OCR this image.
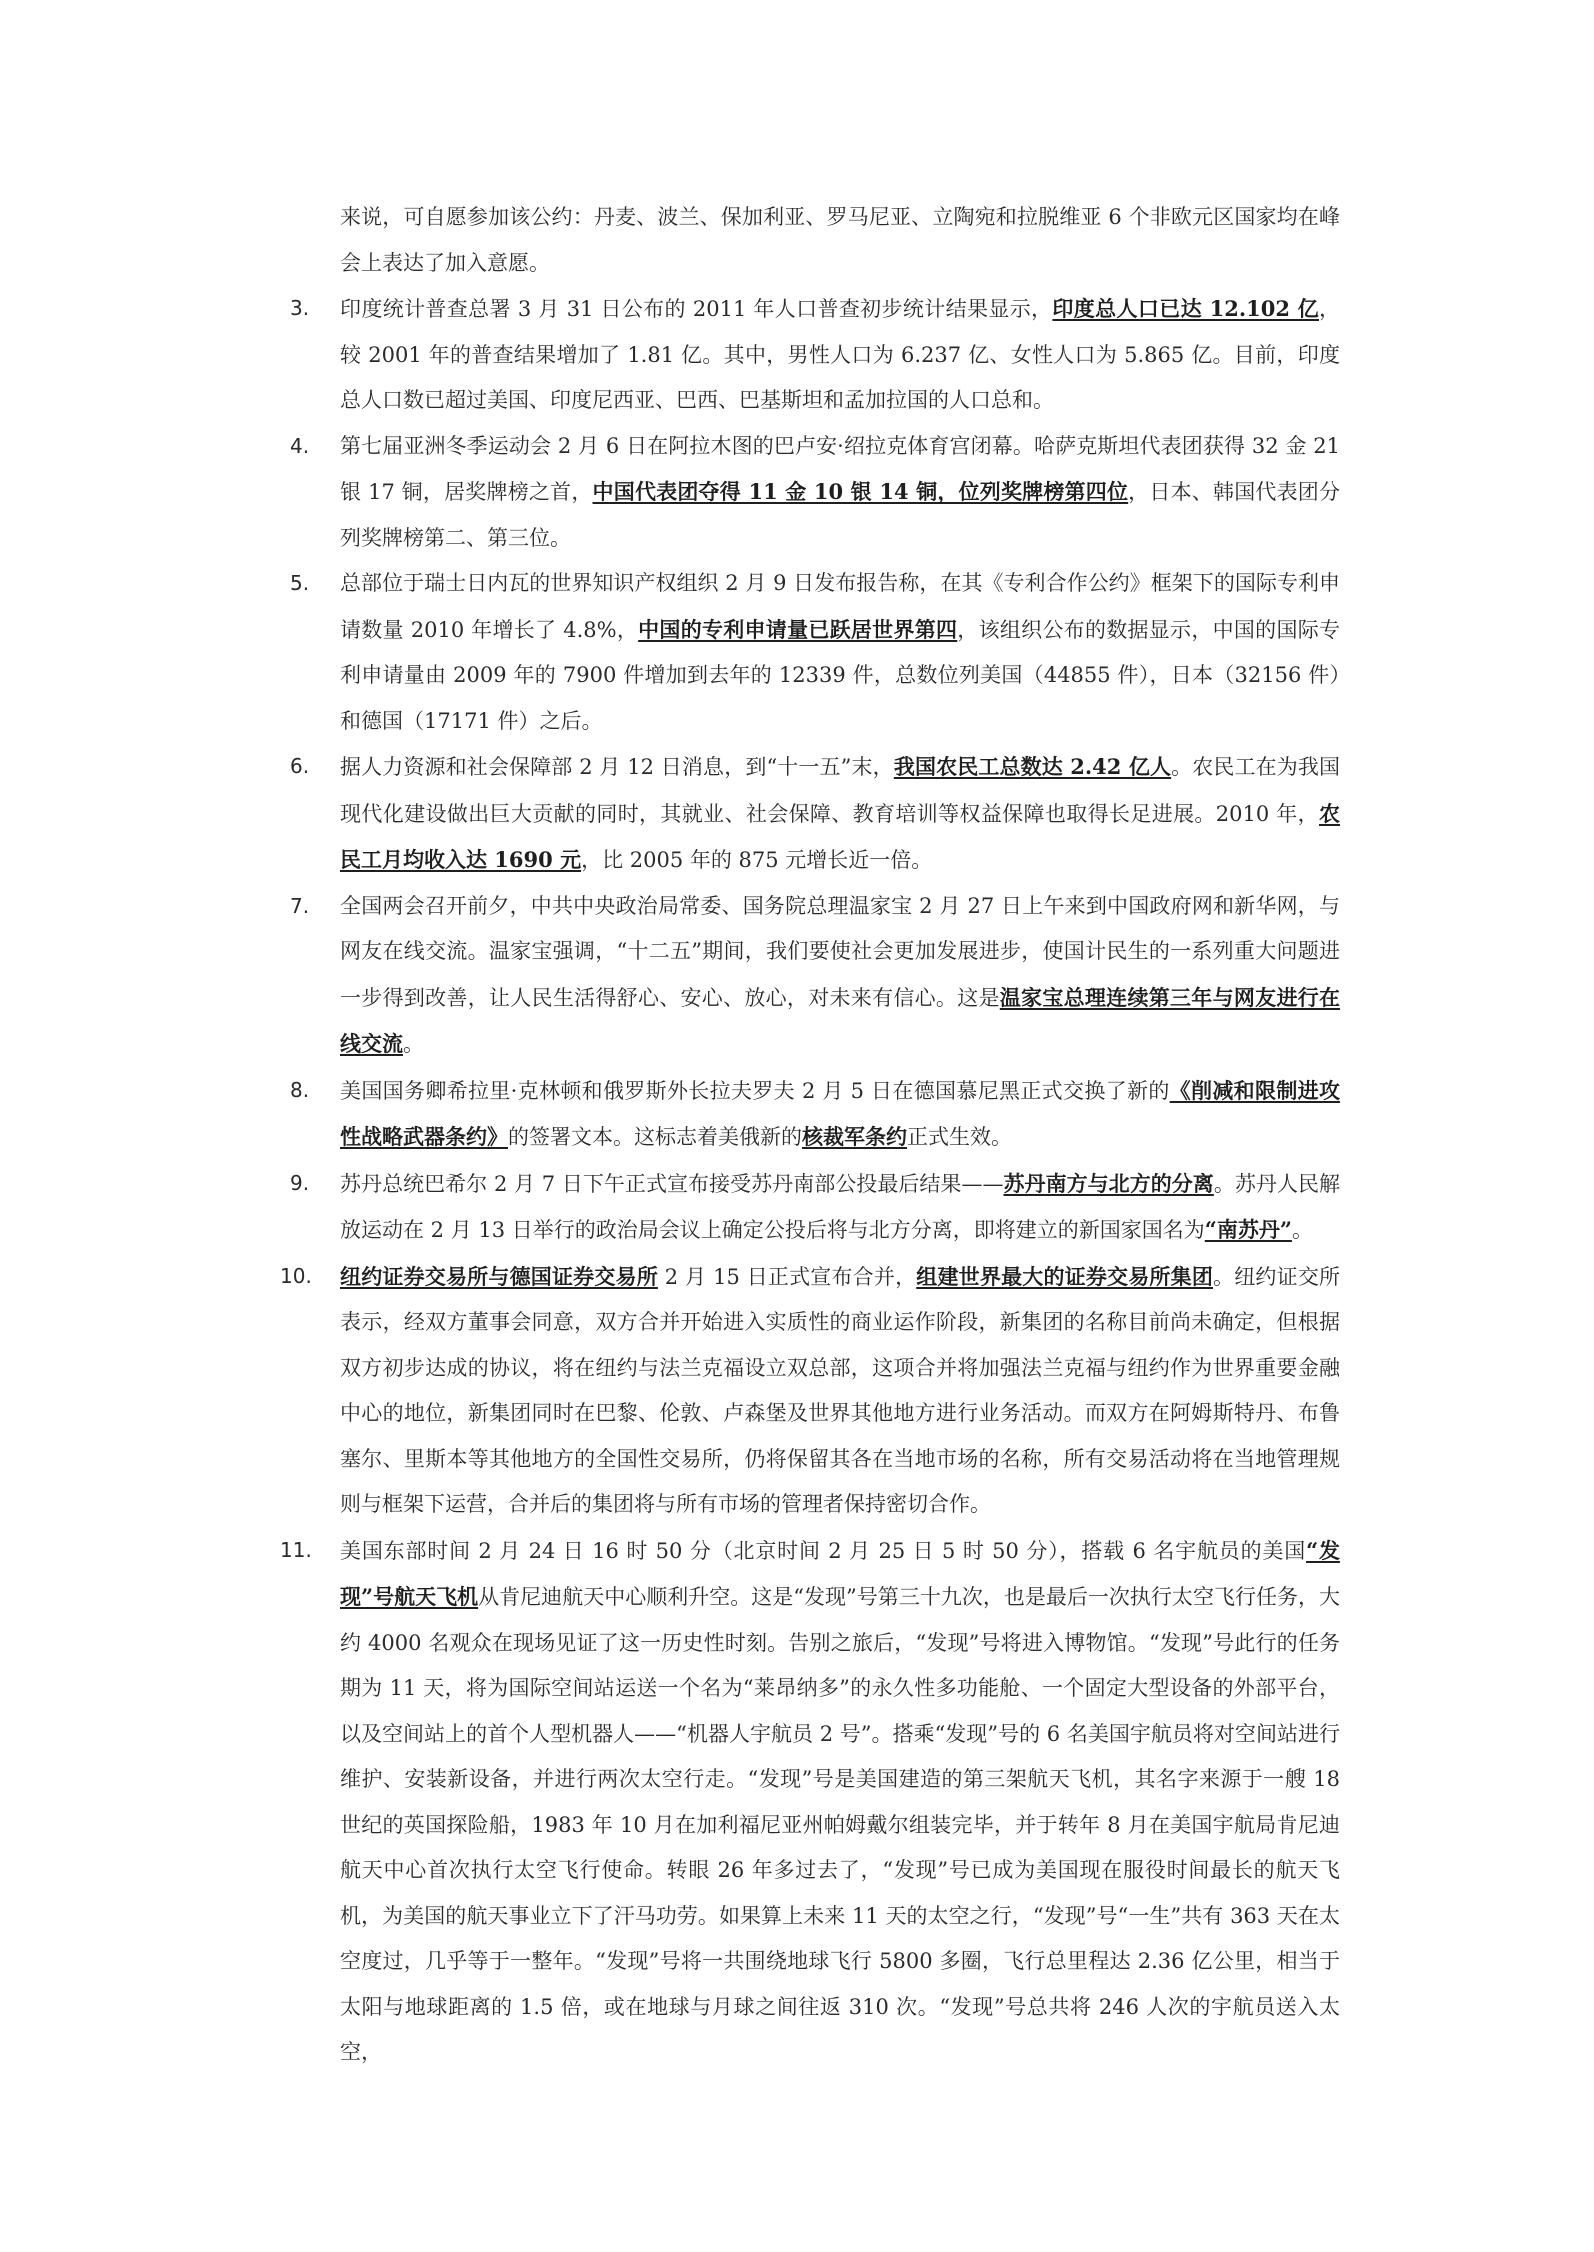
来说，可自愿参加该公约：丹麦、波兰、保加利亚、罗马尼亚、立陶宛和拉脱维亚 6 个非欧元区国家均在峰会上表达了加入意愿。
3.	印度统计普查总署 3 月 31 日公布的 2011 年人口普查初步统计结果显示，印度总人口已达 12.102 亿，较 2001 年的普查结果增加了 1.81 亿。其中，男性人口为 6.237 亿、女性人口为 5.865 亿。目前，印度总人口数已超过美国、印度尼西亚、巴西、巴基斯坦和孟加拉国的人口总和。
4.	第七届亚洲冬季运动会 2 月 6 日在阿拉木图的巴卢安·绍拉克体育宫闭幕。哈萨克斯坦代表团获得 32 金 21 银 17 铜，居奖牌榜之首，中国代表团夺得 11 金 10 银 14 铜，位列奖牌榜第四位，日本、韩国代表团分列奖牌榜第二、第三位。
5.	总部位于瑞士日内瓦的世界知识产权组织 2 月 9 日发布报告称，在其《专利合作公约》框架下的国际专利申请数量 2010 年增长了 4.8%，中国的专利申请量已跃居世界第四，该组织公布的数据显示，中国的国际专利申请量由 2009 年的 7900 件增加到去年的 12339 件，总数位列美国（44855 件），日本（32156 件）和德国（17171 件）之后。
6.	据人力资源和社会保障部 2 月 12 日消息，到“十一五”末，我国农民工总数达 2.42 亿人。农民工在为我国现代化建设做出巨大贡献的同时，其就业、社会保障、教育培训等权益保障也取得长足进展。2010 年，农民工月均收入达 1690 元，比 2005 年的 875 元增长近一倍。
7.	全国两会召开前夕，中共中央政治局常委、国务院总理温家宝 2 月 27 日上午来到中国政府网和新华网，与网友在线交流。温家宝强调，“十二五”期间，我们要使社会更加发展进步，使国计民生的一系列重大问题进一步得到改善，让人民生活得舒心、安心、放心，对未来有信心。这是温家宝总理连续第三年与网友进行在线交流。
8.	美国国务卿希拉里·克林顿和俄罗斯外长拉夫罗夫 2 月 5 日在德国慕尼黑正式交换了新的《削减和限制进攻性战略武器条约》的签署文本。这标志着美俄新的核裁军条约正式生效。
9.	苏丹总统巴希尔 2 月 7 日下午正式宣布接受苏丹南部公投最后结果——苏丹南方与北方的分离。苏丹人民解放运动在 2 月 13 日举行的政治局会议上确定公投后将与北方分离，即将建立的新国家国名为“南苏丹”。
10.	纽约证券交易所与德国证券交易所 2 月 15 日正式宣布合并，组建世界最大的证券交易所集团。纽约证交所表示，经双方董事会同意，双方合并开始进入实质性的商业运作阶段，新集团的名称目前尚未确定，但根据双方初步达成的协议，将在纽约与法兰克福设立双总部，这项合并将加强法兰克福与纽约作为世界重要金融中心的地位，新集团同时在巴黎、伦敦、卢森堡及世界其他地方进行业务活动。而双方在阿姆斯特丹、布鲁塞尔、里斯本等其他地方的全国性交易所，仍将保留其各在当地市场的名称，所有交易活动将在当地管理规则与框架下运营，合并后的集团将与所有市场的管理者保持密切合作。
11.	美国东部时间 2 月 24 日 16 时 50 分（北京时间 2 月 25 日 5 时 50 分），搭载 6 名宇航员的美国“发现”号航天飞机从肯尼迪航天中心顺利升空。这是“发现”号第三十九次，也是最后一次执行太空飞行任务，大约 4000 名观众在现场见证了这一历史性时刻。告别之旅后，“发现”号将进入博物馆。“发现”号此行的任务期为 11 天，将为国际空间站运送一个名为“莱昂纳多”的永久性多功能舱、一个固定大型设备的外部平台，以及空间站上的首个人型机器人——“机器人宇航员 2 号”。搭乘“发现”号的 6 名美国宇航员将对空间站进行维护、安装新设备，并进行两次太空行走。“发现”号是美国建造的第三架航天飞机，其名字来源于一艘 18 世纪的英国探险船，1983 年 10 月在加利福尼亚州帕姆戴尔组装完毕，并于转年 8 月在美国宇航局肯尼迪航天中心首次执行太空飞行使命。转眼 26 年多过去了，“发现”号已成为美国现在服役时间最长的航天飞机，为美国的航天事业立下了汗马功劳。如果算上未来 11 天的太空之行，“发现”号“一生”共有 363 天在太空度过，几乎等于一整年。“发现”号将一共围绕地球飞行 5800 多圈，飞行总里程达 2.36 亿公里，相当于太阳与地球距离的 1.5 倍，或在地球与月球之间往返 310 次。“发现”号总共将 246 人次的宇航员送入太空，
